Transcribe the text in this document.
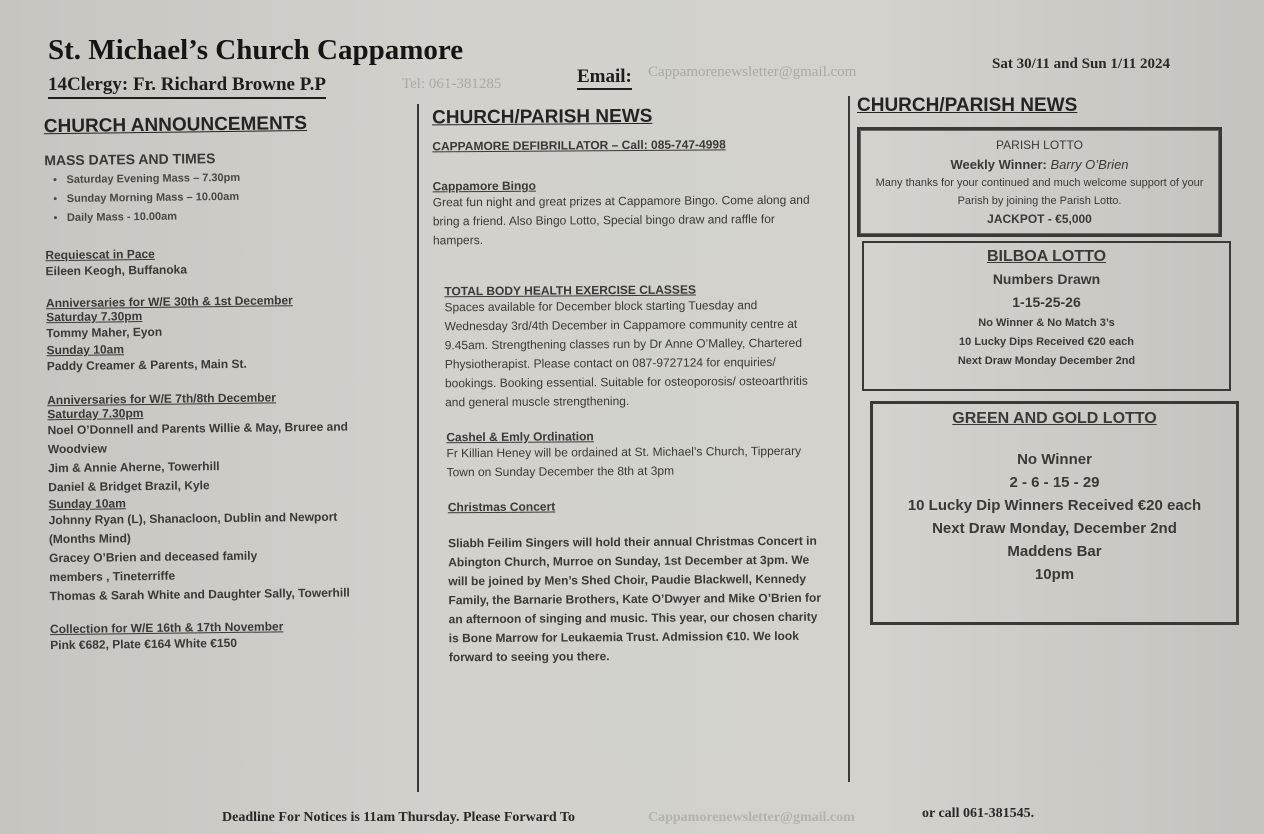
St. Michael’s Church Cappamore
14Clergy: Fr. Richard Browne P.P	Tel: 061-381285	Email: Cappamorenewsletter@gmail.com	Sat 30/11 and Sun 1/11 2024
CHURCH ANNOUNCEMENTS
MASS DATES AND TIMES
• Saturday Evening Mass – 7.30pm
• Sunday Morning Mass – 10.00am
• Daily Mass - 10.00am
Requiescat in Pace
Eileen Keogh, Buffanoka
Anniversaries for W/E 30th & 1st December
Saturday 7.30pm
Tommy Maher, Eyon
Sunday 10am
Paddy Creamer & Parents, Main St.
Anniversaries for W/E 7th/8th December
Saturday 7.30pm
Noel O’Donnell and Parents Willie & May, Bruree and
Woodview
Jim & Annie Aherne, Towerhill
Daniel & Bridget Brazil, Kyle
Sunday 10am
Johnny Ryan (L), Shanacloon, Dublin and Newport
(Months Mind)
Gracey O’Brien and deceased family
members , Tineterriffe
Thomas & Sarah White and Daughter Sally, Towerhill
Collection for W/E 16th & 17th November
Pink €682, Plate €164 White €150
CHURCH/PARISH NEWS
CAPPAMORE DEFIBRILLATOR – Call: 085-747-4998
Cappamore Bingo
Great fun night and great prizes at Cappamore Bingo. Come along and bring a friend. Also Bingo Lotto, Special bingo draw and raffle for hampers.
TOTAL BODY HEALTH EXERCISE CLASSES
Spaces available for December block starting Tuesday and Wednesday 3rd/4th December in Cappamore community centre at 9.45am. Strengthening classes run by Dr Anne O’Malley, Chartered Physiotherapist. Please contact on 087-9727124 for enquiries/ bookings. Booking essential. Suitable for osteoporosis/ osteoarthritis and general muscle strengthening.
Cashel & Emly Ordination
Fr Killian Heney will be ordained at St. Michael’s Church, Tipperary Town on Sunday December the 8th at 3pm
Christmas Concert
Sliabh Feilim Singers will hold their annual Christmas Concert in Abington Church, Murroe on Sunday, 1st December at 3pm. We will be joined by Men’s Shed Choir, Paudie Blackwell, Kennedy Family, the Barnarie Brothers, Kate O’Dwyer and Mike O’Brien for an afternoon of singing and music. This year, our chosen charity is Bone Marrow for Leukaemia Trust. Admission €10. We look forward to seeing you there.
CHURCH/PARISH NEWS
PARISH LOTTO
Weekly Winner: Barry O’Brien
Many thanks for your continued and much welcome support of your Parish by joining the Parish Lotto.
JACKPOT - €5,000
BILBOA LOTTO
Numbers Drawn
1-15-25-26
No Winner & No Match 3’s
10 Lucky Dips Received €20 each
Next Draw Monday December 2nd
GREEN AND GOLD LOTTO
No Winner
2 - 6 - 15 - 29
10 Lucky Dip Winners Received €20 each
Next Draw Monday, December 2nd
Maddens Bar
10pm
Deadline For Notices is 11am Thursday. Please Forward To	Cappamorenewsletter@gmail.com	or call 061-381545.
